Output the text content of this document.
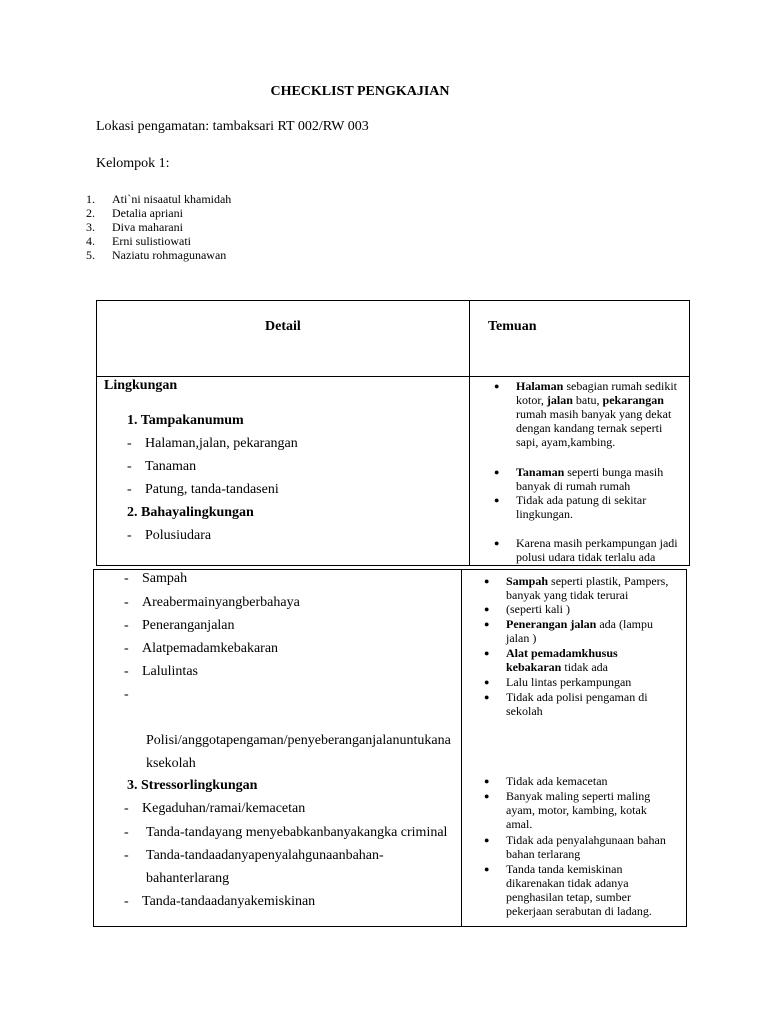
CHECKLIST PENGKAJIAN
Lokasi pengamatan: tambaksari RT 002/RW 003
Kelompok 1:
1. Ati`ni nisaatul khamidah
2. Detalia apriani
3. Diva maharani
4. Erni sulistiowati
5. Naziatu rohmagunawan
Detail	Temuan
Lingkungan
1. Tampakanumum
- Halaman,jalan, pekarangan
- Tanaman
- Patung, tanda-tandaseni
2. Bahayalingkungan
- Polusiudara
● Halaman sebagian rumah sedikit
kotor, jalan batu, pekarangan
rumah masih banyak yang dekat
dengan kandang ternak seperti
sapi, ayam,kambing.
● Tanaman seperti bunga masih
banyak di rumah rumah
● Tidak ada patung di sekitar
lingkungan.
● Karena masih perkampungan jadi
polusi udara tidak terlalu ada
- Sampah
- Areabermainyangberbahaya
- Peneranganjalan
- Alatpemadamkebakaran
- Lalulintas
-
Polisi/anggotapengaman/penyeberanganjalanuntukana
ksekolah
3. Stressorlingkungan
- Kegaduhan/ramai/kemacetan
- Tanda-tandayang menyebabkanbanyakangka criminal
- Tanda-tandaadanyapenyalahgunaanbahan-
bahanterlarang
- Tanda-tandaadanyakemiskinan
● Sampah seperti plastik, Pampers,
banyak yang tidak terurai
● (seperti kali )
● Penerangan jalan ada (lampu
jalan )
● Alat pemadamkhusus
kebakaran tidak ada
● Lalu lintas perkampungan
● Tidak ada polisi pengaman di
sekolah
● Tidak ada kemacetan
● Banyak maling seperti maling
ayam, motor, kambing, kotak
amal.
● Tidak ada penyalahgunaan bahan
bahan terlarang
● Tanda tanda kemiskinan
dikarenakan tidak adanya
penghasilan tetap, sumber
pekerjaan serabutan di ladang.
